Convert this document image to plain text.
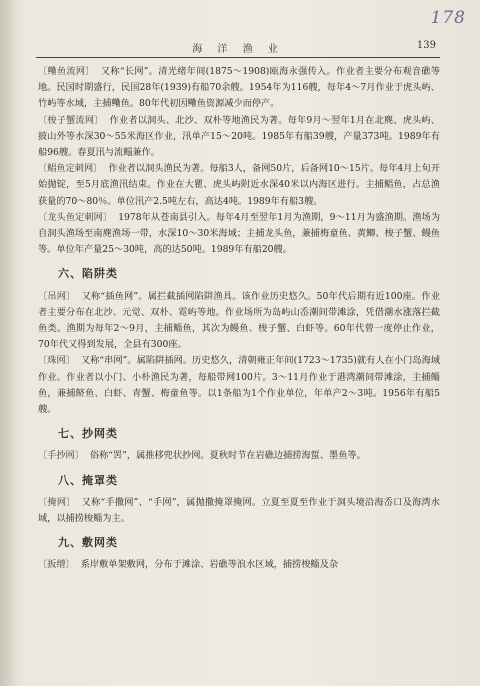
178
海 洋 渔 业	139

〔鳓鱼流网〕 又称“长网”。清光绪年间(1875～1908)瓯海永强传入。作业者主要分布观音礁等地。民国时期盛行，民国28年(1939)有船70余艘。1954年为116艘，每年4～7月作业于虎头屿、竹屿等水域，主捕鳓鱼。80年代初因鳓鱼资源减少而停产。

〔梭子蟹流网〕 作业者以洞头、北沙、双朴等地渔民为著。每年9月～翌年1月在北麂、虎头屿、披山外等水深30～55米海区作业，汛单产15～20吨。1985年有船39艘，产量373吨。1989年有船96艘。春夏汛与流鳎兼作。

〔鲳鱼定刺网〕 作业者以洞头渔民为著。每船3人，备网50片，后备网10～15片。每年4月上旬开始抛锭，至5月底渔汛结束。作业在大瞿、虎头屿附近水深40米以内海区进行。主捕鲳鱼，占总渔获量的70～80％。单位汛产2.5吨左右，高达4吨。1989年有船3艘。

〔龙头鱼定刺网〕 1978年从苍南县引入。每年4月至翌年1月为渔期，9～11月为盛渔期。渔场为自洞头渔场至南麂渔场一带，水深10～30米海域；主捕龙头鱼，兼捕梅童鱼、黄鲫、梭子蟹、鳗鱼等。单位年产量25～30吨，高的达50吨。1989年有船20艘。

六、陷阱类

〔吊网〕 又称“插鱼网”。属拦截插网陷阱渔具。该作业历史悠久。50年代后期有近100座。作业者主要分布在北沙、元觉、双朴、霓屿等地。作业场所为岛屿山岙潮间带滩涂，凭借潮水涨落拦截鱼类。渔期为每年2～9月，主捕鲻鱼，其次为鳗鱼、梭子蟹、白虾等。60年代曾一度停止作业，70年代又得到发展，全县有300座。

〔珠网〕 又称“串网”。属陷阱插网。历史悠久，清朝雍正年间(1723～1735)就有人在小门岛海域作业。作业者以小门、小朴渔民为著，每船带网100片。3～11月作业于港湾潮间带滩涂，主捕鲻鱼，兼捕鲚鱼、白虾、青蟹、梅童鱼等。以1条船为1个作业单位，年单产2～3吨。1956年有船5艘。

七、抄网类

〔手抄网〕 俗称“罟”，属推移兜状抄网。夏秋时节在岩礁边捕捞海蜇、墨鱼等。

八、掩罩类

〔掩网〕 又称“手撒网”、“手网”，属抛撒掩罩掩网。立夏至夏至作业于洞头境沿海岙口及海湾水域，以捕捞梭鲻为主。

九、敷网类

〔扳缯〕 系岸敷单架敷网，分布于滩涂、岩礁等浪水区域，捕捞梭鲻及杂
